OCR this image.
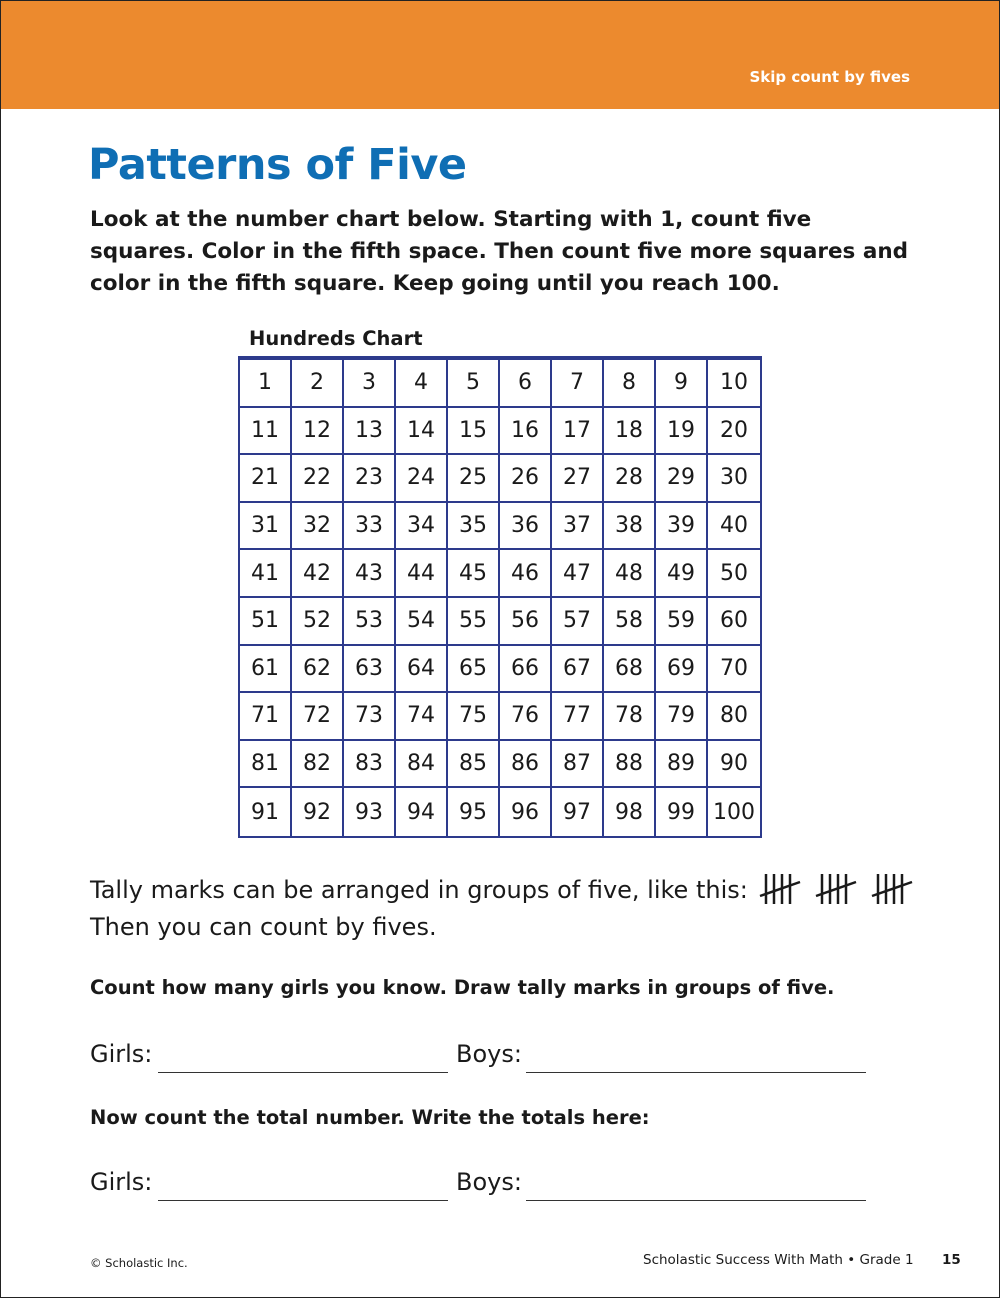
Skip count by fives
Patterns of Five

Look at the number chart below. Starting with 1, count five squares. Color in the fifth space. Then count five more squares and color in the fifth square. Keep going until you reach 100.

Hundreds Chart
1	2	3	4	5	6	7	8	9	10
11	12	13	14	15	16	17	18	19	20
21	22	23	24	25	26	27	28	29	30
31	32	33	34	35	36	37	38	39	40
41	42	43	44	45	46	47	48	49	50
51	52	53	54	55	56	57	58	59	60
61	62	63	64	65	66	67	68	69	70
71	72	73	74	75	76	77	78	79	80
81	82	83	84	85	86	87	88	89	90
91	92	93	94	95	96	97	98	99 100

Tally marks can be arranged in groups of five, like this:
Then you can count by fives.

Count how many girls you know. Draw tally marks in groups of five.

Girls:	Boys:

Now count the total number. Write the totals here:

Girls:	Boys:
© Scholastic Inc.	Scholastic Success With Math • Grade 1 15
